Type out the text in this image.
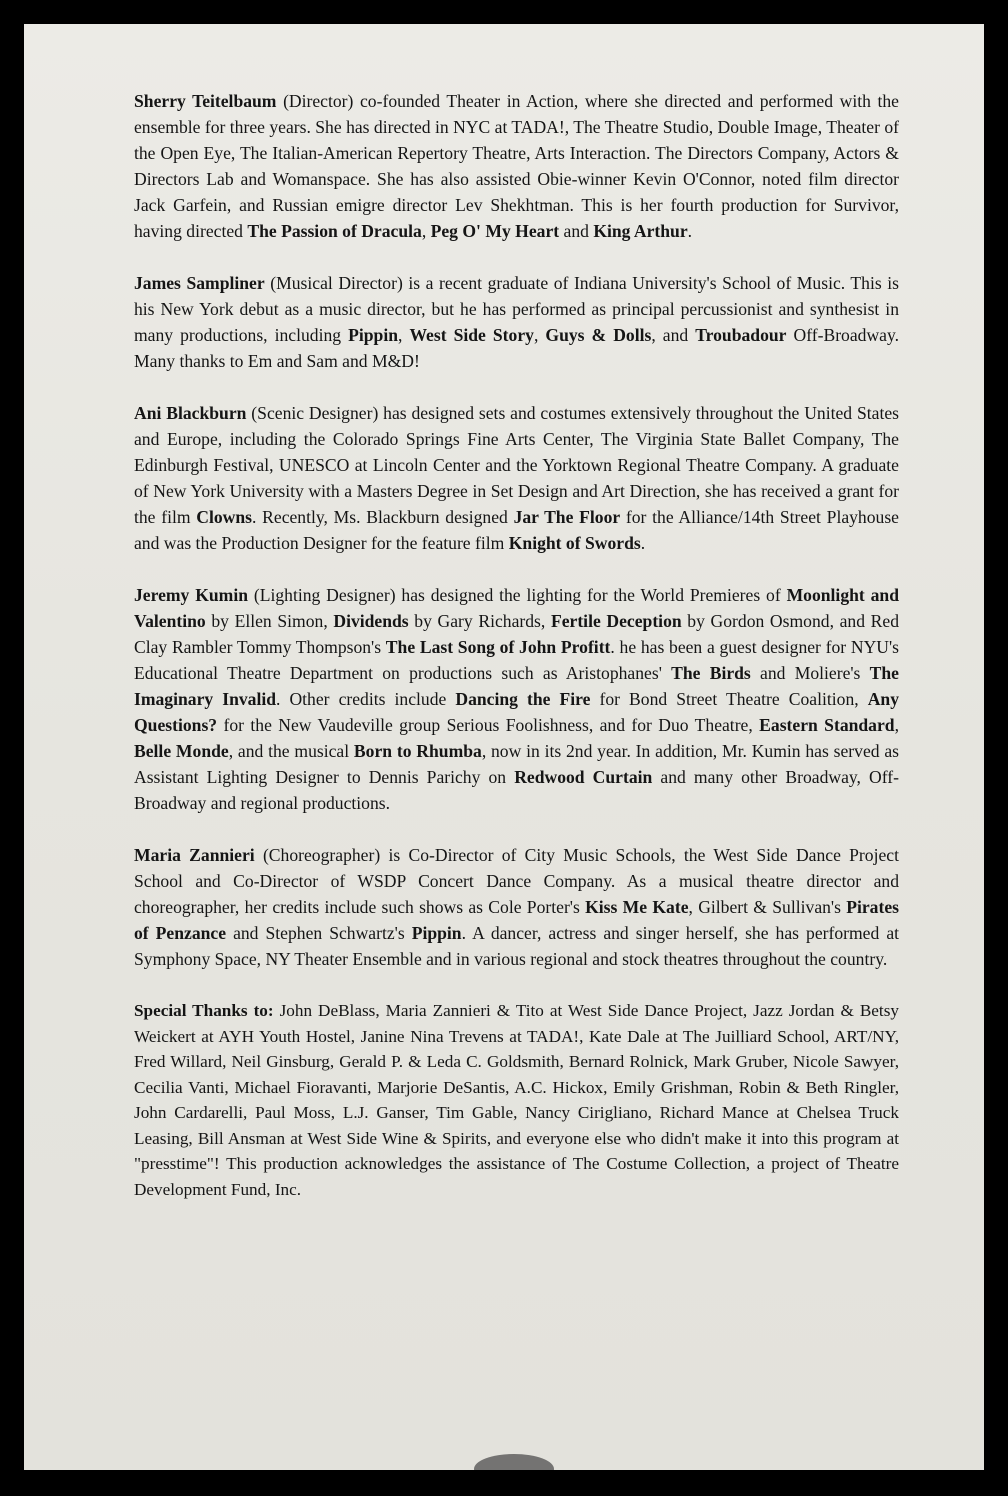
Sherry Teitelbaum (Director) co-founded Theater in Action, where she directed and performed with the ensemble for three years. She has directed in NYC at TADA!, The Theatre Studio, Double Image, Theater of the Open Eye, The Italian-American Repertory Theatre, Arts Interaction. The Directors Company, Actors & Directors Lab and Womanspace. She has also assisted Obie-winner Kevin O'Connor, noted film director Jack Garfein, and Russian emigre director Lev Shekhtman. This is her fourth production for Survivor, having directed The Passion of Dracula, Peg O' My Heart and King Arthur.

James Sampliner (Musical Director) is a recent graduate of Indiana University's School of Music. This is his New York debut as a music director, but he has performed as principal percussionist and synthesist in many productions, including Pippin, West Side Story, Guys & Dolls, and Troubadour Off-Broadway. Many thanks to Em and Sam and M&D!

Ani Blackburn (Scenic Designer) has designed sets and costumes extensively throughout the United States and Europe, including the Colorado Springs Fine Arts Center, The Virginia State Ballet Company, The Edinburgh Festival, UNESCO at Lincoln Center and the Yorktown Regional Theatre Company. A graduate of New York University with a Masters Degree in Set Design and Art Direction, she has received a grant for the film Clowns. Recently, Ms. Blackburn designed Jar The Floor for the Alliance/14th Street Playhouse and was the Production Designer for the feature film Knight of Swords.

Jeremy Kumin (Lighting Designer) has designed the lighting for the World Premieres of Moonlight and Valentino by Ellen Simon, Dividends by Gary Richards, Fertile Deception by Gordon Osmond, and Red Clay Rambler Tommy Thompson's The Last Song of John Profitt. he has been a guest designer for NYU's Educational Theatre Department on productions such as Aristophanes' The Birds and Moliere's The Imaginary Invalid. Other credits include Dancing the Fire for Bond Street Theatre Coalition, Any Questions? for the New Vaudeville group Serious Foolishness, and for Duo Theatre, Eastern Standard, Belle Monde, and the musical Born to Rhumba, now in its 2nd year. In addition, Mr. Kumin has served as Assistant Lighting Designer to Dennis Parichy on Redwood Curtain and many other Broadway, Off-Broadway and regional productions.

Maria Zannieri (Choreographer) is Co-Director of City Music Schools, the West Side Dance Project School and Co-Director of WSDP Concert Dance Company. As a musical theatre director and choreographer, her credits include such shows as Cole Porter's Kiss Me Kate, Gilbert & Sullivan's Pirates of Penzance and Stephen Schwartz's Pippin. A dancer, actress and singer herself, she has performed at Symphony Space, NY Theater Ensemble and in various regional and stock theatres throughout the country.

Special Thanks to: John DeBlass, Maria Zannieri & Tito at West Side Dance Project, Jazz Jordan & Betsy Weickert at AYH Youth Hostel, Janine Nina Trevens at TADA!, Kate Dale at The Juilliard School, ART/NY, Fred Willard, Neil Ginsburg, Gerald P. & Leda C. Goldsmith, Bernard Rolnick, Mark Gruber, Nicole Sawyer, Cecilia Vanti, Michael Fioravanti, Marjorie DeSantis, A.C. Hickox, Emily Grishman, Robin & Beth Ringler, John Cardarelli, Paul Moss, L.J. Ganser, Tim Gable, Nancy Cirigliano, Richard Mance at Chelsea Truck Leasing, Bill Ansman at West Side Wine & Spirits, and everyone else who didn't make it into this program at "presstime"! This production acknowledges the assistance of The Costume Collection, a project of Theatre Development Fund, Inc.
